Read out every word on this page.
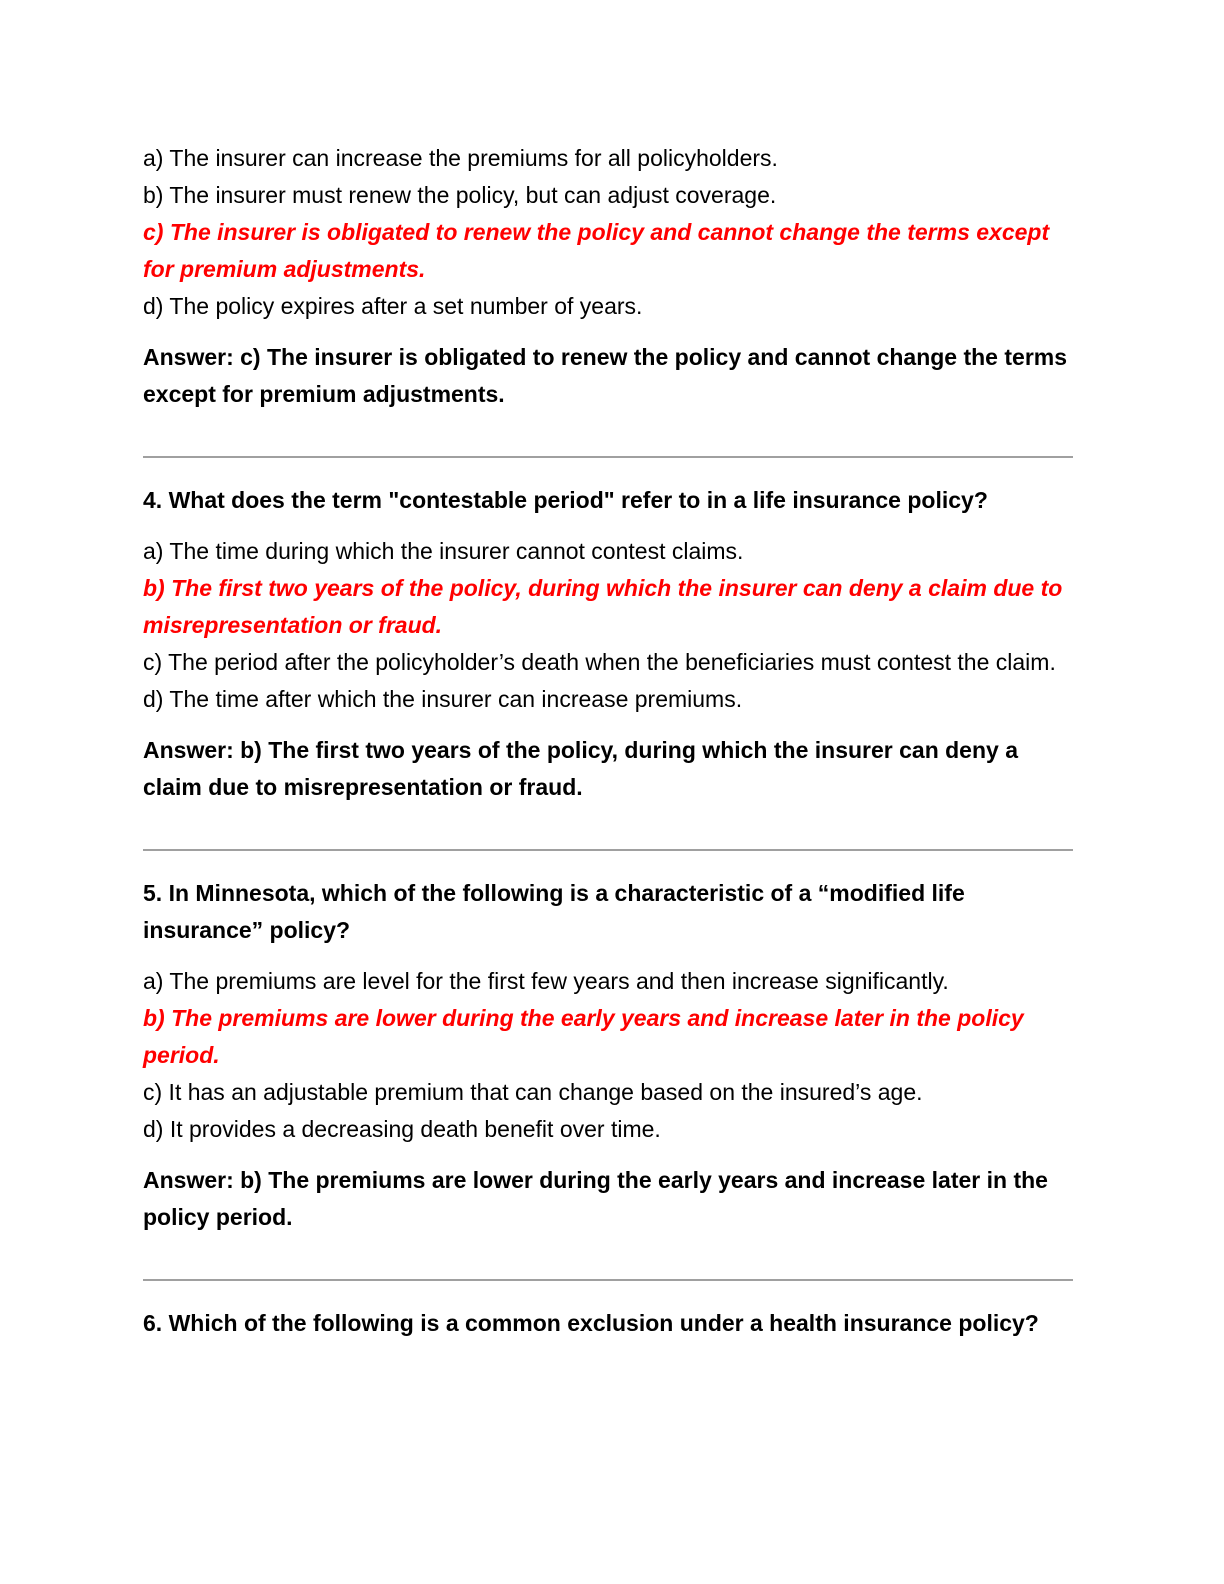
a) The insurer can increase the premiums for all policyholders.

b) The insurer must renew the policy, but can adjust coverage.

c) The insurer is obligated to renew the policy and cannot change the terms except for premium adjustments.

d) The policy expires after a set number of years.

Answer: c) The insurer is obligated to renew the policy and cannot change the terms except for premium adjustments.

4. What does the term "contestable period" refer to in a life insurance policy?

a) The time during which the insurer cannot contest claims.

b) The first two years of the policy, during which the insurer can deny a claim due to misrepresentation or fraud.

c) The period after the policyholder’s death when the beneficiaries must contest the claim.

d) The time after which the insurer can increase premiums.

Answer: b) The first two years of the policy, during which the insurer can deny a claim due to misrepresentation or fraud.

5. In Minnesota, which of the following is a characteristic of a “modified life insurance” policy?

a) The premiums are level for the first few years and then increase significantly.

b) The premiums are lower during the early years and increase later in the policy period.

c) It has an adjustable premium that can change based on the insured’s age.

d) It provides a decreasing death benefit over time.

Answer: b) The premiums are lower during the early years and increase later in the policy period.

6. Which of the following is a common exclusion under a health insurance policy?
